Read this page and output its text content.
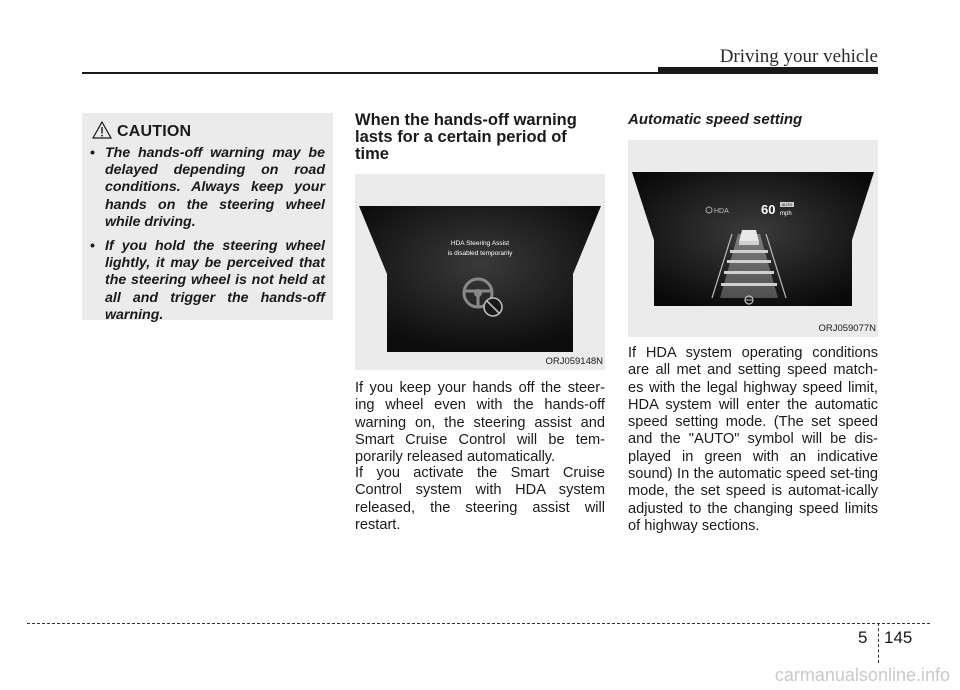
Driving your vehicle
CAUTION
• The hands-off warning may be delayed depending on road conditions. Always keep your hands on the steering wheel while driving.
• If you hold the steering wheel lightly, it may be perceived that the steering wheel is not held at all and trigger the hands-off warning.
When the hands-off warning lasts for a certain period of time
HDA Steering Assist
is disabled temporarily
ORJ059148N

If you keep your hands off the steer-ing wheel even with the hands-off warning on, the steering assist and Smart Cruise Control will be tem-porarily released automatically.

If you activate the Smart Cruise Control system with HDA system released, the steering assist will restart.

Automatic speed setting
HDA 60 AUTO
mph
ORJ059077N

If HDA system operating conditions are all met and setting speed match-es with the legal highway speed limit, HDA system will enter the automatic speed setting mode. (The set speed and the "AUTO" symbol will be dis-played in green with an indicative sound) In the automatic speed set-ting mode, the set speed is automat-ically adjusted to the changing speed limits of highway sections.

5 145
carmanualsonline.info
